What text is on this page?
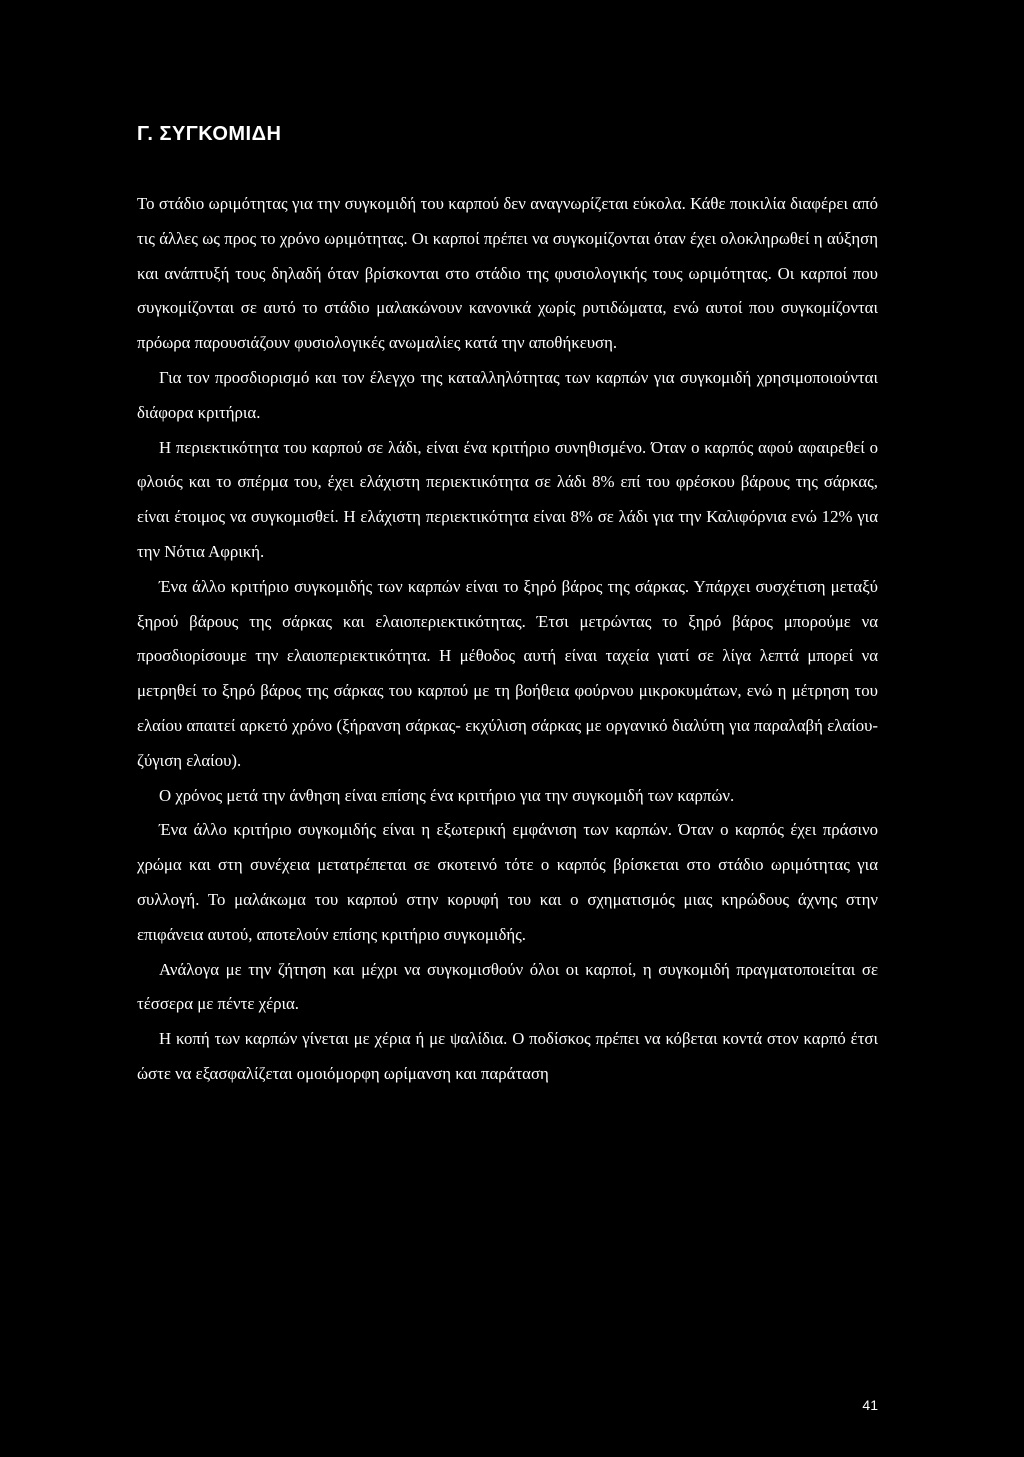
Γ. ΣΥΓΚΟΜΙΔΗ

Το στάδιο ωριμότητας για την συγκομιδή του καρπού δεν αναγνωρίζεται εύκολα. Κάθε ποικιλία διαφέρει από τις άλλες ως προς το χρόνο ωριμότητας. Οι καρποί πρέπει να συγκομίζονται όταν έχει ολοκληρωθεί η αύξηση και ανάπτυξή τους δηλαδή όταν βρίσκονται στο στάδιο της φυσιολογικής τους ωριμότητας. Οι καρποί που συγκομίζονται σε αυτό το στάδιο μαλακώνουν κανονικά χωρίς ρυτιδώματα, ενώ αυτοί που συγκομίζονται πρόωρα παρουσιάζουν φυσιολογικές ανωμαλίες κατά την αποθήκευση.

Για τον προσδιορισμό και τον έλεγχο της καταλληλότητας των καρπών για συγκομιδή χρησιμοποιούνται διάφορα κριτήρια.

Η περιεκτικότητα του καρπού σε λάδι, είναι ένα κριτήριο συνηθισμένο. Όταν ο καρπός αφού αφαιρεθεί ο φλοιός και το σπέρμα του, έχει ελάχιστη περιεκτικότητα σε λάδι 8% επί του φρέσκου βάρους της σάρκας, είναι έτοιμος να συγκομισθεί. Η ελάχιστη περιεκτικότητα είναι 8% σε λάδι για την Καλιφόρνια ενώ 12% για την Νότια Αφρική.

Ένα άλλο κριτήριο συγκομιδής των καρπών είναι το ξηρό βάρος της σάρκας. Υπάρχει συσχέτιση μεταξύ ξηρού βάρους της σάρκας και ελαιοπεριεκτικότητας. Έτσι μετρώντας το ξηρό βάρος μπορούμε να προσδιορίσουμε την ελαιοπεριεκτικότητα. Η μέθοδος αυτή είναι ταχεία γιατί σε λίγα λεπτά μπορεί να μετρηθεί το ξηρό βάρος της σάρκας του καρπού με τη βοήθεια φούρνου μικροκυμάτων, ενώ η μέτρηση του ελαίου απαιτεί αρκετό χρόνο (ξήρανση σάρκας- εκχύλιση σάρκας με οργανικό διαλύτη για παραλαβή ελαίου- ζύγιση ελαίου).

Ο χρόνος μετά την άνθηση είναι επίσης ένα κριτήριο για την συγκομιδή των καρπών.

Ένα άλλο κριτήριο συγκομιδής είναι η εξωτερική εμφάνιση των καρπών. Όταν ο καρπός έχει πράσινο χρώμα και στη συνέχεια μετατρέπεται σε σκοτεινό τότε ο καρπός βρίσκεται στο στάδιο ωριμότητας για συλλογή. Το μαλάκωμα του καρπού στην κορυφή του και ο σχηματισμός μιας κηρώδους άχνης στην επιφάνεια αυτού, αποτελούν επίσης κριτήριο συγκομιδής.

Ανάλογα με την ζήτηση και μέχρι να συγκομισθούν όλοι οι καρποί, η συγκομιδή πραγματοποιείται σε τέσσερα με πέντε χέρια.

Η κοπή των καρπών γίνεται με χέρια ή με ψαλίδια. Ο ποδίσκος πρέπει να κόβεται κοντά στον καρπό έτσι ώστε να εξασφαλίζεται ομοιόμορφη ωρίμανση και παράταση

41
